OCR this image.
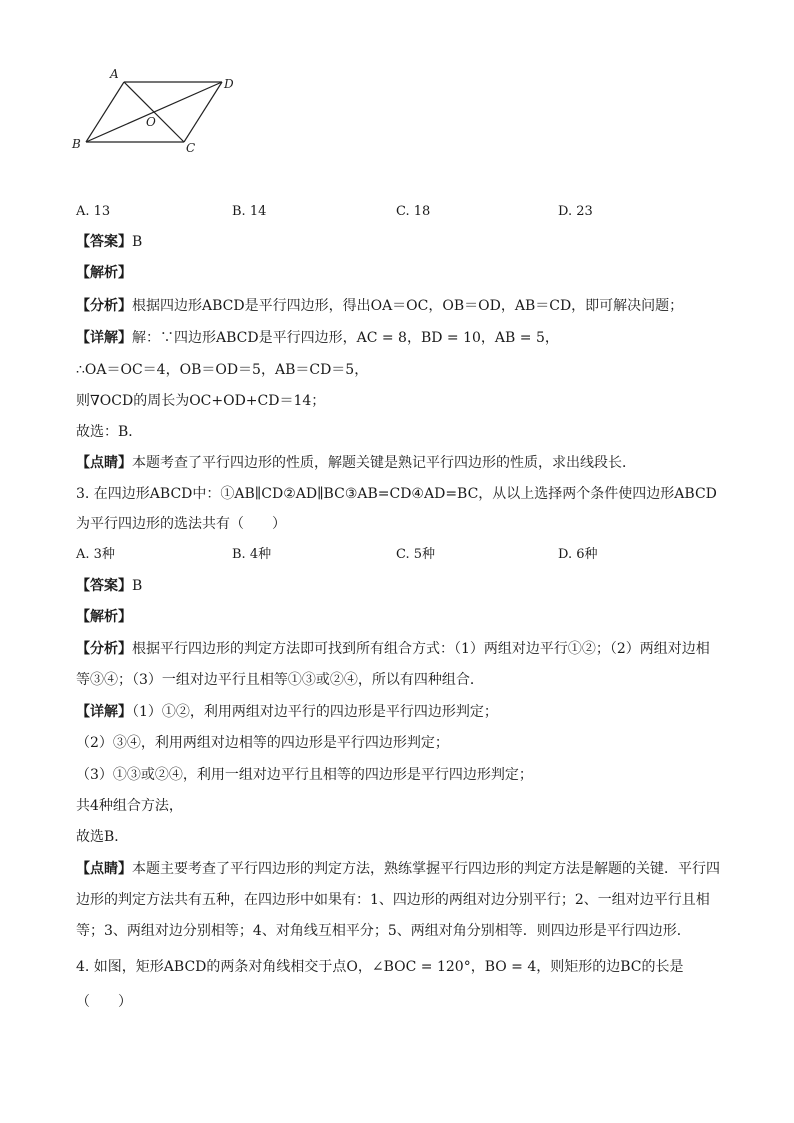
A
D
O
B	C
A. 13	B. 14	C. 18	D. 23
【答案】B
【解析】
【分析】根据四边形ABCD是平行四边形，得出OA＝OC，OB＝OD，AB＝CD，即可解决问题；
【详解】解：∵四边形ABCD是平行四边形，AC = 8，BD = 10，AB = 5，
∴OA＝OC＝4，OB＝OD＝5，AB＝CD＝5，
则∇OCD的周长为OC+OD+CD＝14；
故选：B．
【点睛】本题考查了平行四边形的性质，解题关键是熟记平行四边形的性质，求出线段长．
3. 在四边形ABCD中：①AB∥CD②AD∥BC③AB=CD④AD=BC，从以上选择两个条件使四边形ABCD
为平行四边形的选法共有（　　）
A. 3种	B. 4种	C. 5种	D. 6种
【答案】B
【解析】
【分析】根据平行四边形的判定方法即可找到所有组合方式：（1）两组对边平行①②；（2）两组对边相
等③④；（3）一组对边平行且相等①③或②④，所以有四种组合．
【详解】（1）①②，利用两组对边平行的四边形是平行四边形判定；
（2）③④，利用两组对边相等的四边形是平行四边形判定；
（3）①③或②④，利用一组对边平行且相等的四边形是平行四边形判定；
共4种组合方法，
故选B．
【点睛】本题主要考查了平行四边形的判定方法，熟练掌握平行四边形的判定方法是解题的关键．平行四
边形的判定方法共有五种，在四边形中如果有：1、四边形的两组对边分别平行；2、一组对边平行且相
等；3、两组对边分别相等；4、对角线互相平分；5、两组对角分别相等．则四边形是平行四边形．
4. 如图，矩形ABCD的两条对角线相交于点O，∠BOC = 120°，BO = 4，则矩形的边BC的长是
（　　）
